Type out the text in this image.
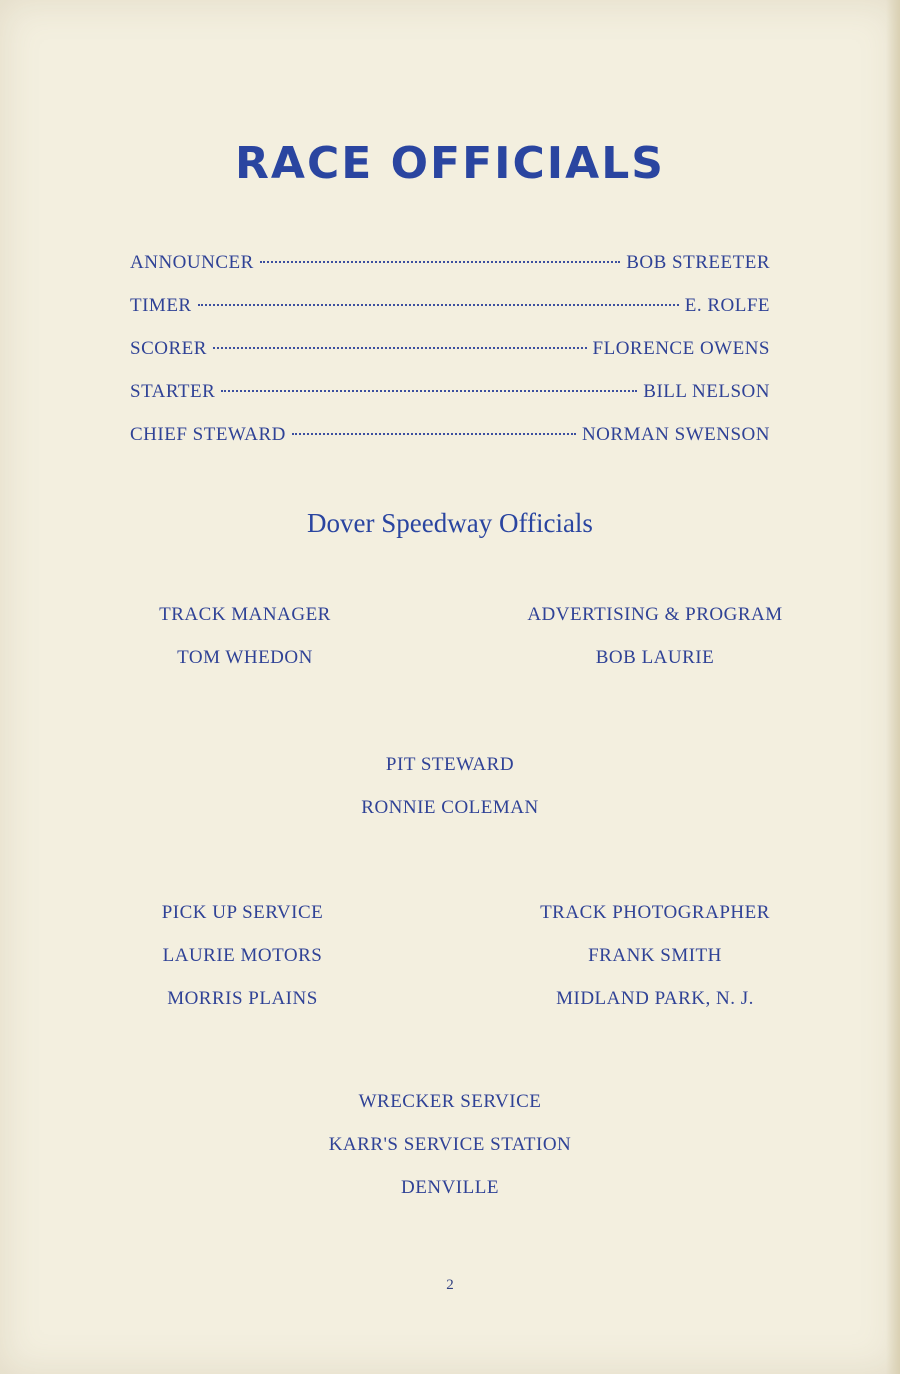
RACE OFFICIALS
ANNOUNCER	BOB STREETER
TIMER	E. ROLFE
SCORER	FLORENCE OWENS
STARTER	BILL NELSON
CHIEF STEWARD	NORMAN SWENSON
Dover Speedway Officials
TRACK MANAGER
TOM WHEDON
ADVERTISING & PROGRAM
BOB LAURIE
PIT STEWARD
RONNIE COLEMAN
PICK UP SERVICE
LAURIE MOTORS
MORRIS PLAINS
TRACK PHOTOGRAPHER
FRANK SMITH
MIDLAND PARK, N. J.
WRECKER SERVICE
KARR'S SERVICE STATION
DENVILLE
2
